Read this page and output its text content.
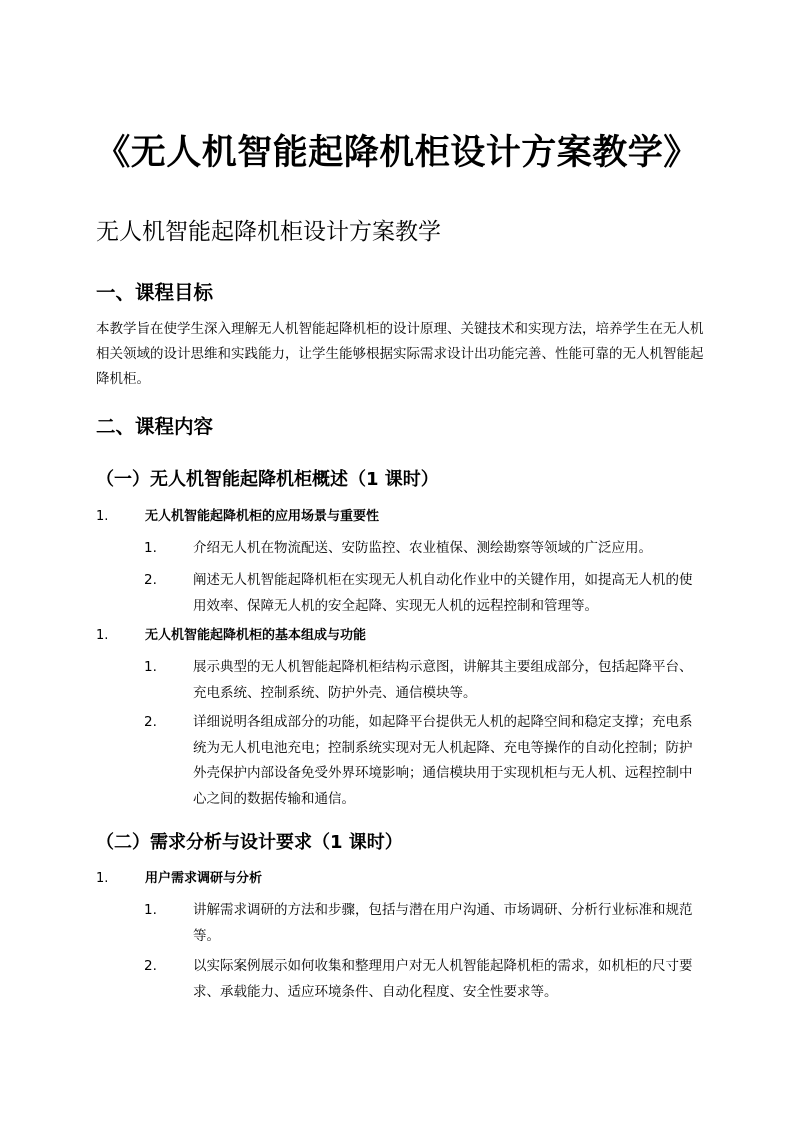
《无人机智能起降机柜设计方案教学》
无人机智能起降机柜设计方案教学
一、课程目标

本教学旨在使学生深入理解无人机智能起降机柜的设计原理、关键技术和实现方法，培养学生在无人机相关领域的设计思维和实践能力，让学生能够根据实际需求设计出功能完善、性能可靠的无人机智能起降机柜。

二、课程内容
（一）无人机智能起降机柜概述（1 课时）
1.	无人机智能起降机柜的应用场景与重要性
1.	介绍无人机在物流配送、安防监控、农业植保、测绘勘察等领域的广泛应用。

2.	阐述无人机智能起降机柜在实现无人机自动化作业中的关键作用，如提高无人机的使用效率、保障无人机的安全起降、实现无人机的远程控制和管理等。

1.	无人机智能起降机柜的基本组成与功能
1.	展示典型的无人机智能起降机柜结构示意图，讲解其主要组成部分，包括起降平台、充电系统、控制系统、防护外壳、通信模块等。

2.	详细说明各组成部分的功能，如起降平台提供无人机的起降空间和稳定支撑；充电系统为无人机电池充电；控制系统实现对无人机起降、充电等操作的自动化控制；防护外壳保护内部设备免受外界环境影响；通信模块用于实现机柜与无人机、远程控制中心之间的数据传输和通信。

（二）需求分析与设计要求（1 课时）
1.	用户需求调研与分析
1.	讲解需求调研的方法和步骤，包括与潜在用户沟通、市场调研、分析行业标准和规范等。

2.	以实际案例展示如何收集和整理用户对无人机智能起降机柜的需求，如机柜的尺寸要求、承载能力、适应环境条件、自动化程度、安全性要求等。
